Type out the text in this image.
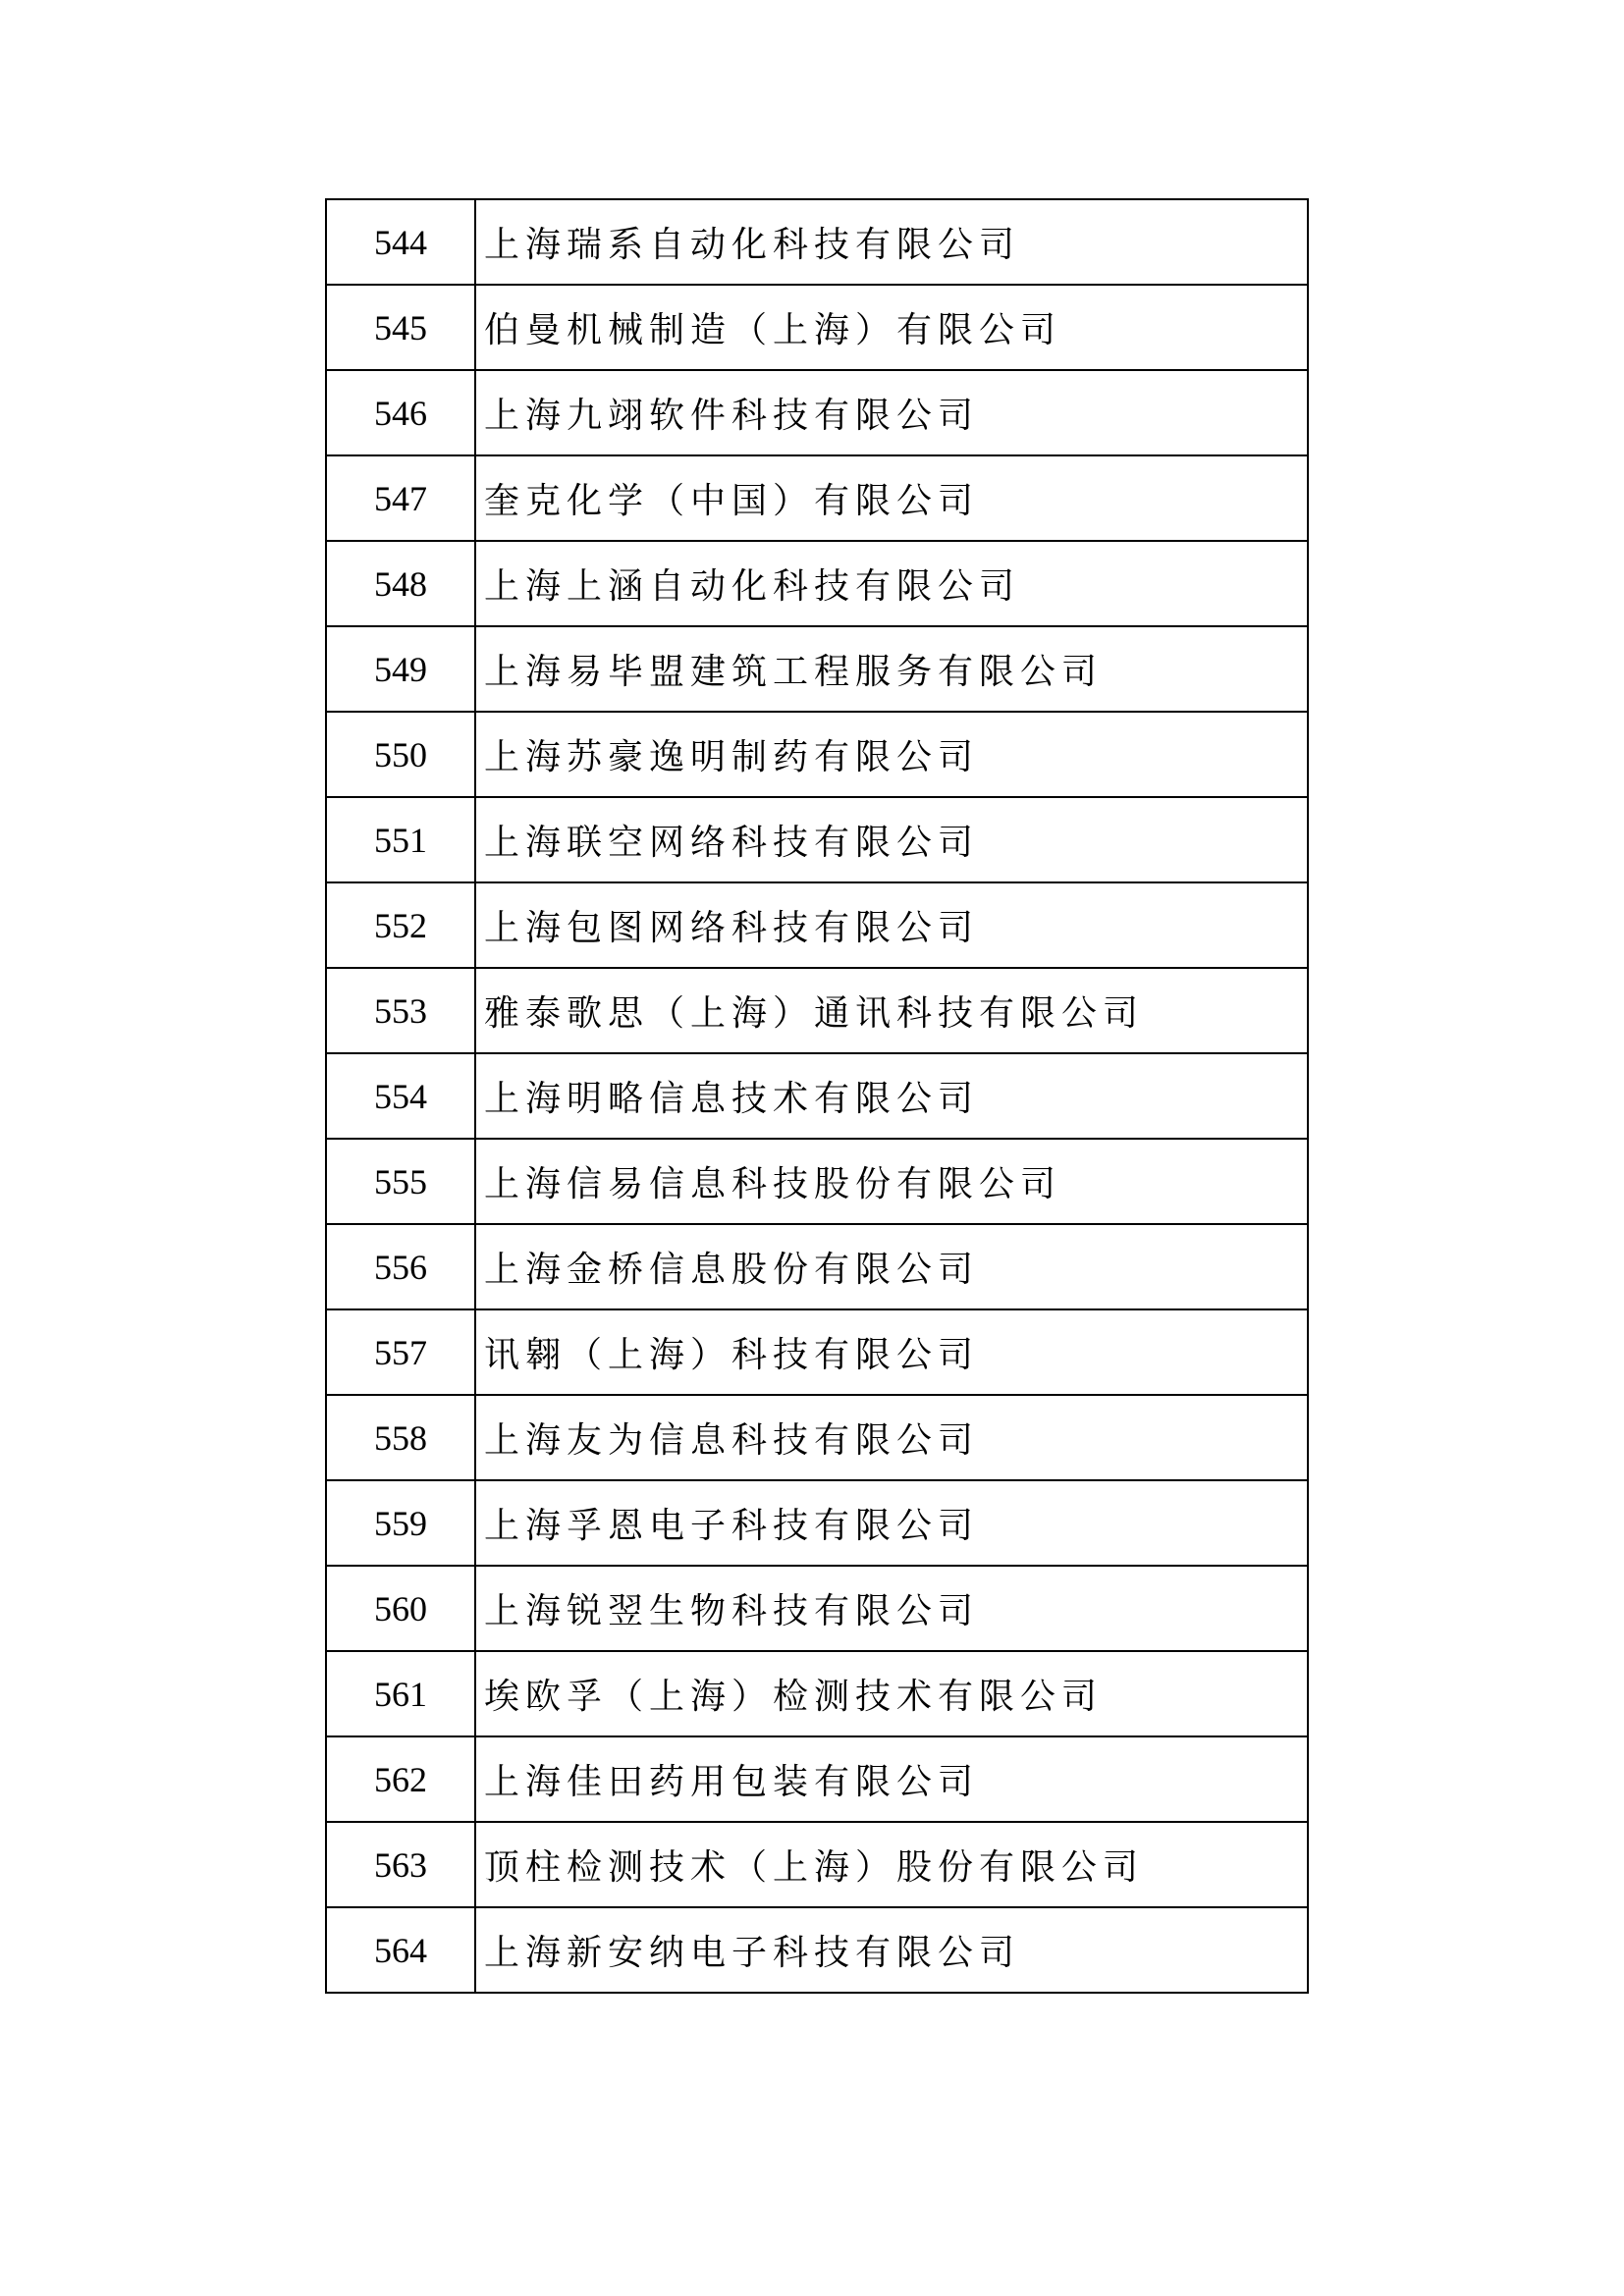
544	上海瑞系自动化科技有限公司
545	伯曼机械制造（上海）有限公司
546	上海九翊软件科技有限公司
547	奎克化学（中国）有限公司
548	上海上涵自动化科技有限公司
549	上海易毕盟建筑工程服务有限公司
550	上海苏豪逸明制药有限公司
551	上海联空网络科技有限公司
552	上海包图网络科技有限公司
553	雅泰歌思（上海）通讯科技有限公司
554	上海明略信息技术有限公司
555	上海信易信息科技股份有限公司
556	上海金桥信息股份有限公司
557	讯翱（上海）科技有限公司
558	上海友为信息科技有限公司
559	上海孚恩电子科技有限公司
560	上海锐翌生物科技有限公司
561	埃欧孚（上海）检测技术有限公司
562	上海佳田药用包装有限公司
563	顶柱检测技术（上海）股份有限公司
564	上海新安纳电子科技有限公司
